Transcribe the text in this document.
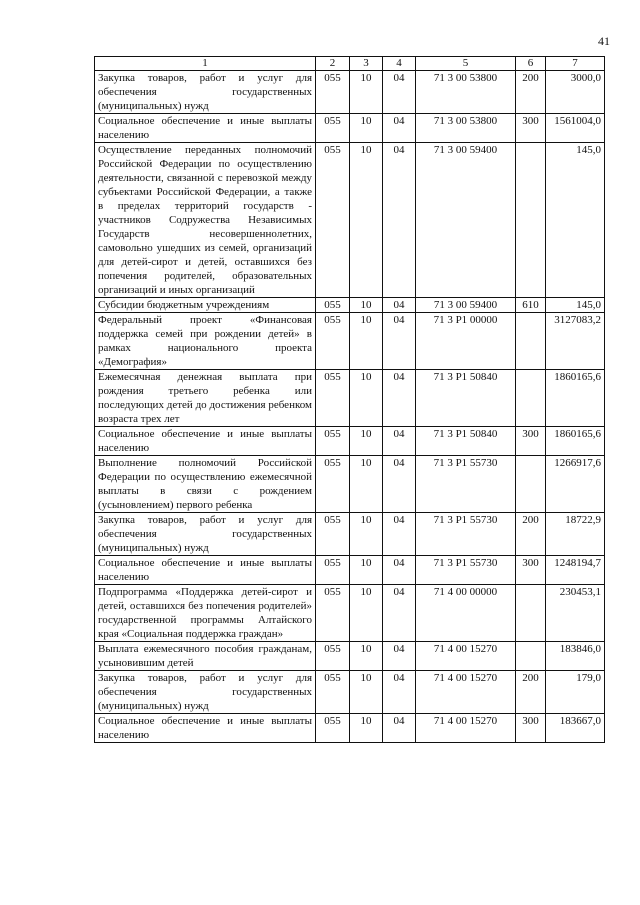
41
1	2	3	4	5	6	7
Закупка товаров, работ и услуг для обеспечения государственных (муниципальных) нужд	055	10	04	71 3 00 53800	200	3000,0
Социальное обеспечение и иные выплаты населению	055	10	04	71 3 00 53800	300	1561004,0
Осуществление переданных полномочий Российской Федерации по осуществлению деятельности, связанной с перевозкой между субъектами Российской Федерации, а также в пределах территорий государств - участников Содружества Независимых Государств несовершеннолетних, самовольно ушедших из семей, организаций для детей-сирот и детей, оставшихся без попечения родителей, образовательных организаций и иных организаций	055	10	04	71 3 00 59400		145,0
Субсидии бюджетным учреждениям	055	10	04	71 3 00 59400	610	145,0
Федеральный проект «Финансовая поддержка семей при рождении детей» в рамках национального проекта «Демография»	055	10	04	71 3 Р1 00000		3127083,2
Ежемесячная денежная выплата при рождения третьего ребенка или последующих детей до достижения ребенком возраста трех лет	055	10	04	71 3 Р1 50840		1860165,6
Социальное обеспечение и иные выплаты населению	055	10	04	71 3 Р1 50840	300	1860165,6
Выполнение полномочий Российской Федерации по осуществлению ежемесячной выплаты в связи с рождением (усыновлением) первого ребенка	055	10	04	71 3 Р1 55730		1266917,6
Закупка товаров, работ и услуг для обеспечения государственных (муниципальных) нужд	055	10	04	71 3 Р1 55730	200	18722,9
Социальное обеспечение и иные выплаты населению	055	10	04	71 3 Р1 55730	300	1248194,7
Подпрограмма «Поддержка детей-сирот и детей, оставшихся без попечения родителей» государственной программы Алтайского края «Социальная поддержка граждан»	055	10	04	71 4 00 00000		230453,1
Выплата ежемесячного пособия гражданам, усыновившим детей	055	10	04	71 4 00 15270		183846,0
Закупка товаров, работ и услуг для обеспечения государственных (муниципальных) нужд	055	10	04	71 4 00 15270	200	179,0
Социальное обеспечение и иные выплаты населению	055	10	04	71 4 00 15270	300	183667,0
